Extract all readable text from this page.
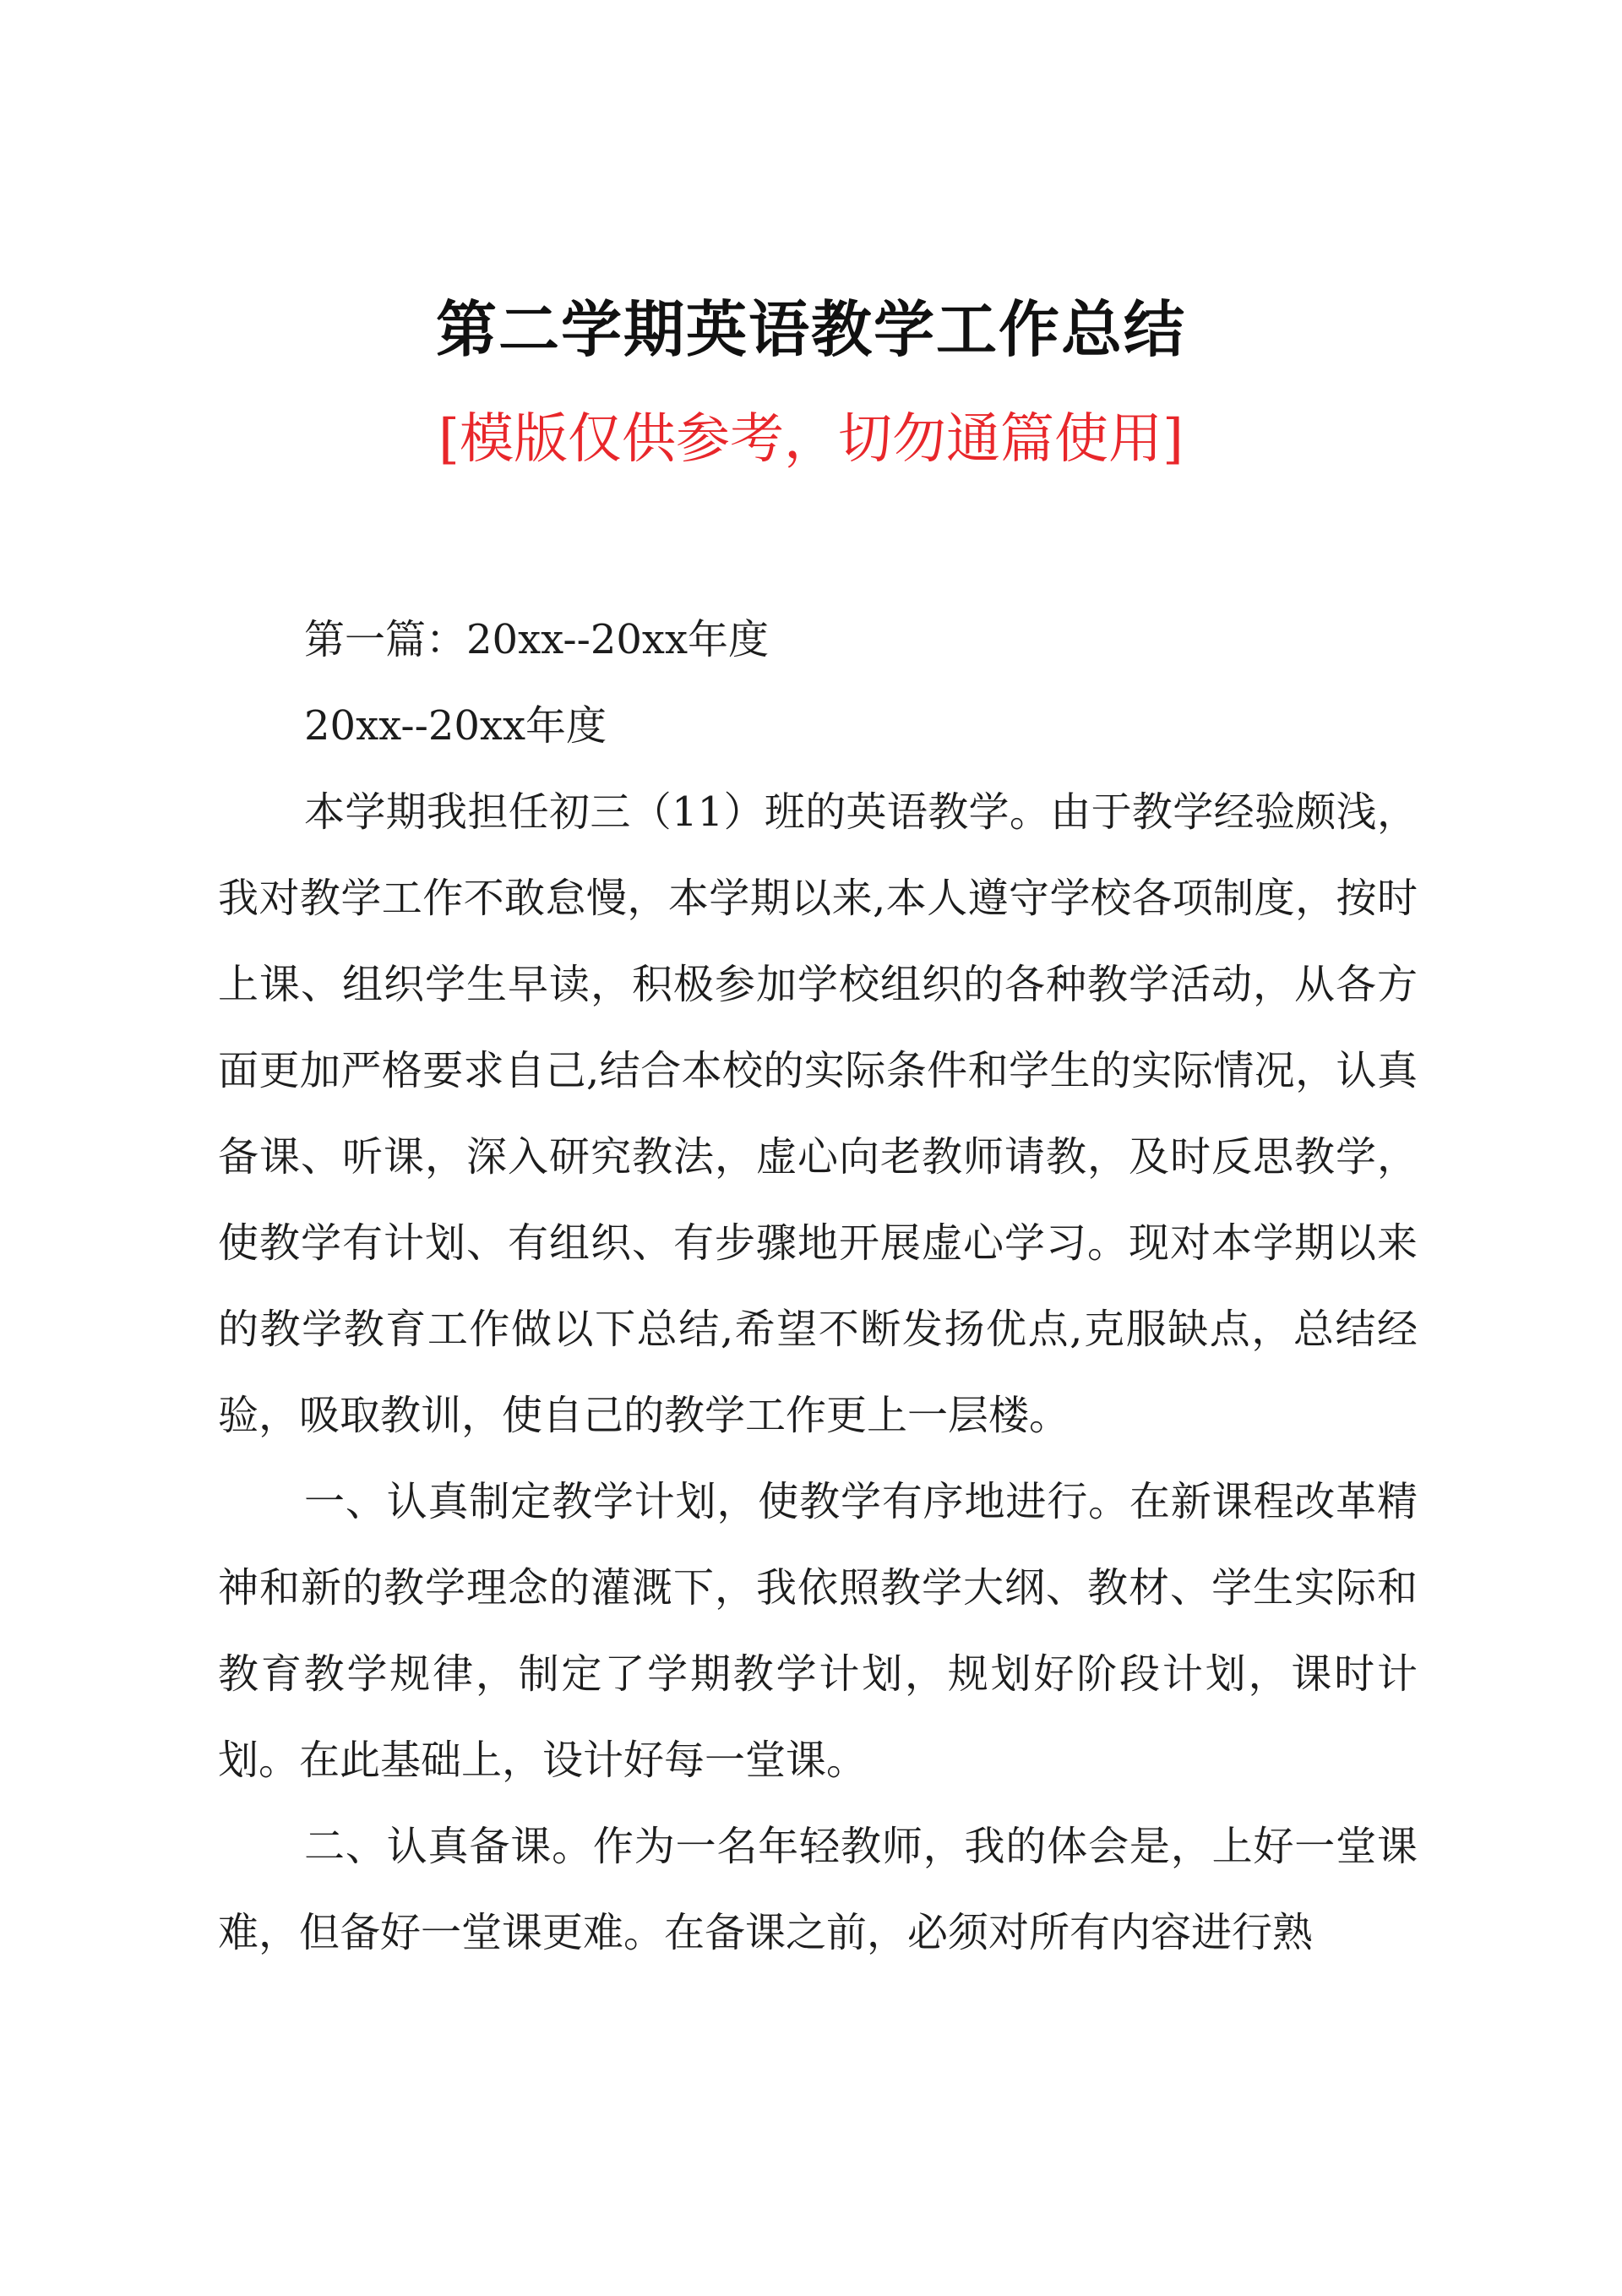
第二学期英语教学工作总结

[模版仅供参考，切勿通篇使用]

第一篇：20xx--20xx年度

20xx--20xx年度

本学期我担任初三（11）班的英语教学。由于教学经验颇浅，我对教学工作不敢怠慢，本学期以来,本人遵守学校各项制度，按时上课、组织学生早读，积极参加学校组织的各种教学活动，从各方面更加严格要求自己,结合本校的实际条件和学生的实际情况，认真备课、听课，深入研究教法，虚心向老教师请教，及时反思教学，使教学有计划、有组织、有步骤地开展虚心学习。现对本学期以来的教学教育工作做以下总结,希望不断发扬优点,克服缺点，总结经验，吸取教训，使自己的教学工作更上一层楼。

一、认真制定教学计划，使教学有序地进行。在新课程改革精神和新的教学理念的灌溉下，我依照教学大纲、教材、学生实际和教育教学规律，制定了学期教学计划，规划好阶段计划，课时计划。在此基础上，设计好每一堂课。

二、认真备课。作为一名年轻教师，我的体会是，上好一堂课难，但备好一堂课更难。在备课之前，必须对所有内容进行熟
